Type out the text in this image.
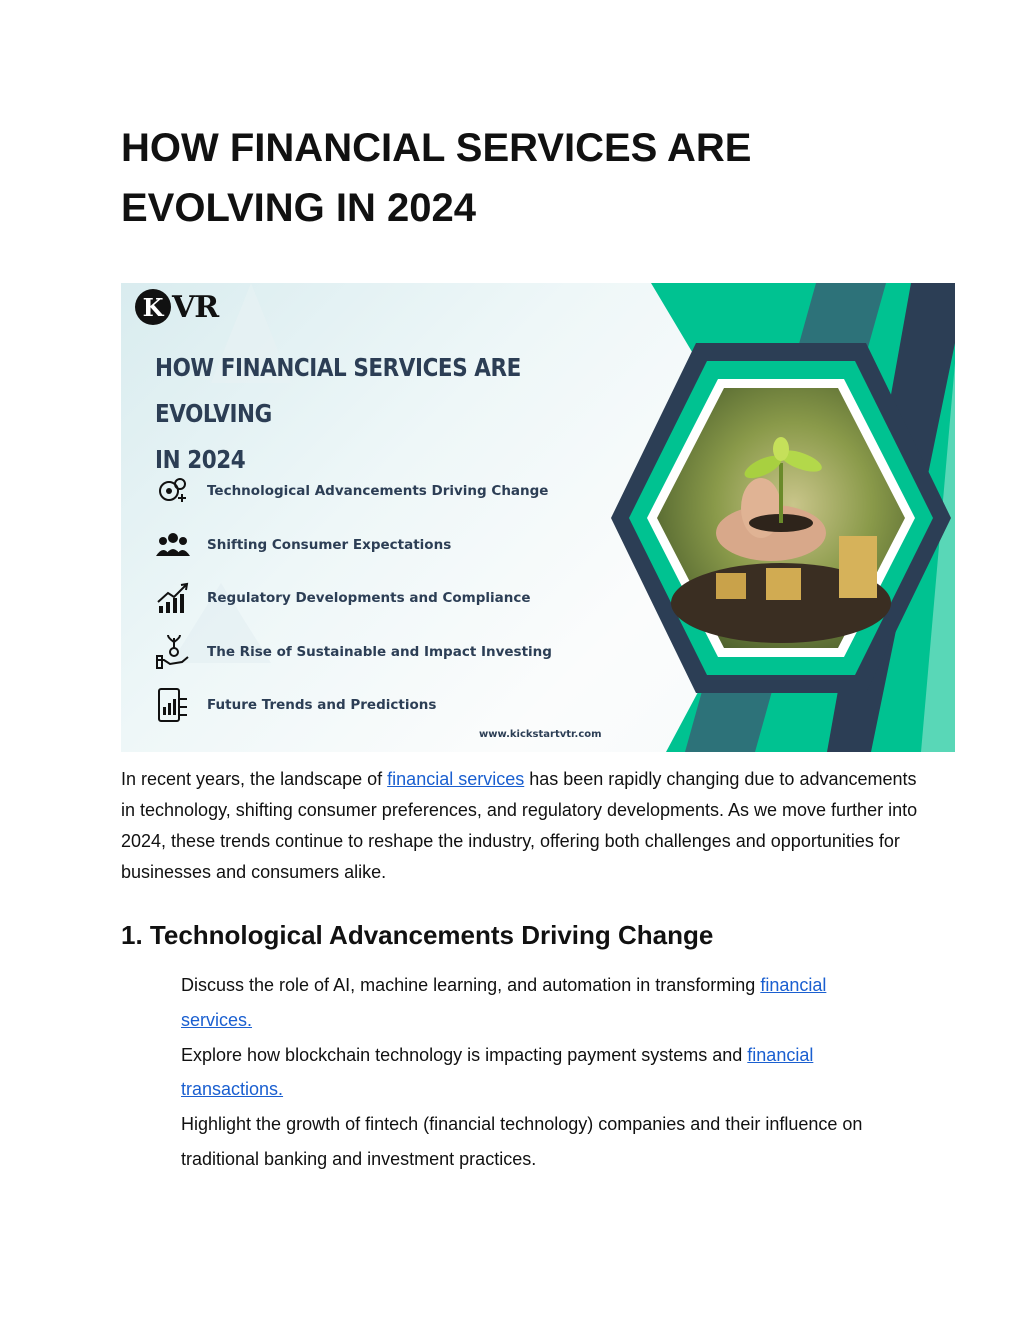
HOW FINANCIAL SERVICES ARE EVOLVING IN 2024
K VR
HOW FINANCIAL SERVICES ARE EVOLVING
IN 2024
Technological Advancements Driving Change
Shifting Consumer Expectations
Regulatory Developments and Compliance
The Rise of Sustainable and Impact Investing
Future Trends and Predictions
www.kickstartvtr.com

In recent years, the landscape of financial services has been rapidly changing due to advancements in technology, shifting consumer preferences, and regulatory developments. As we move further into 2024, these trends continue to reshape the industry, offering both challenges and opportunities for businesses and consumers alike.

1. Technological Advancements Driving Change

Discuss the role of AI, machine learning, and automation in transforming financial services.

Explore how blockchain technology is impacting payment systems and financial transactions.

Highlight the growth of fintech (financial technology) companies and their influence on traditional banking and investment practices.
